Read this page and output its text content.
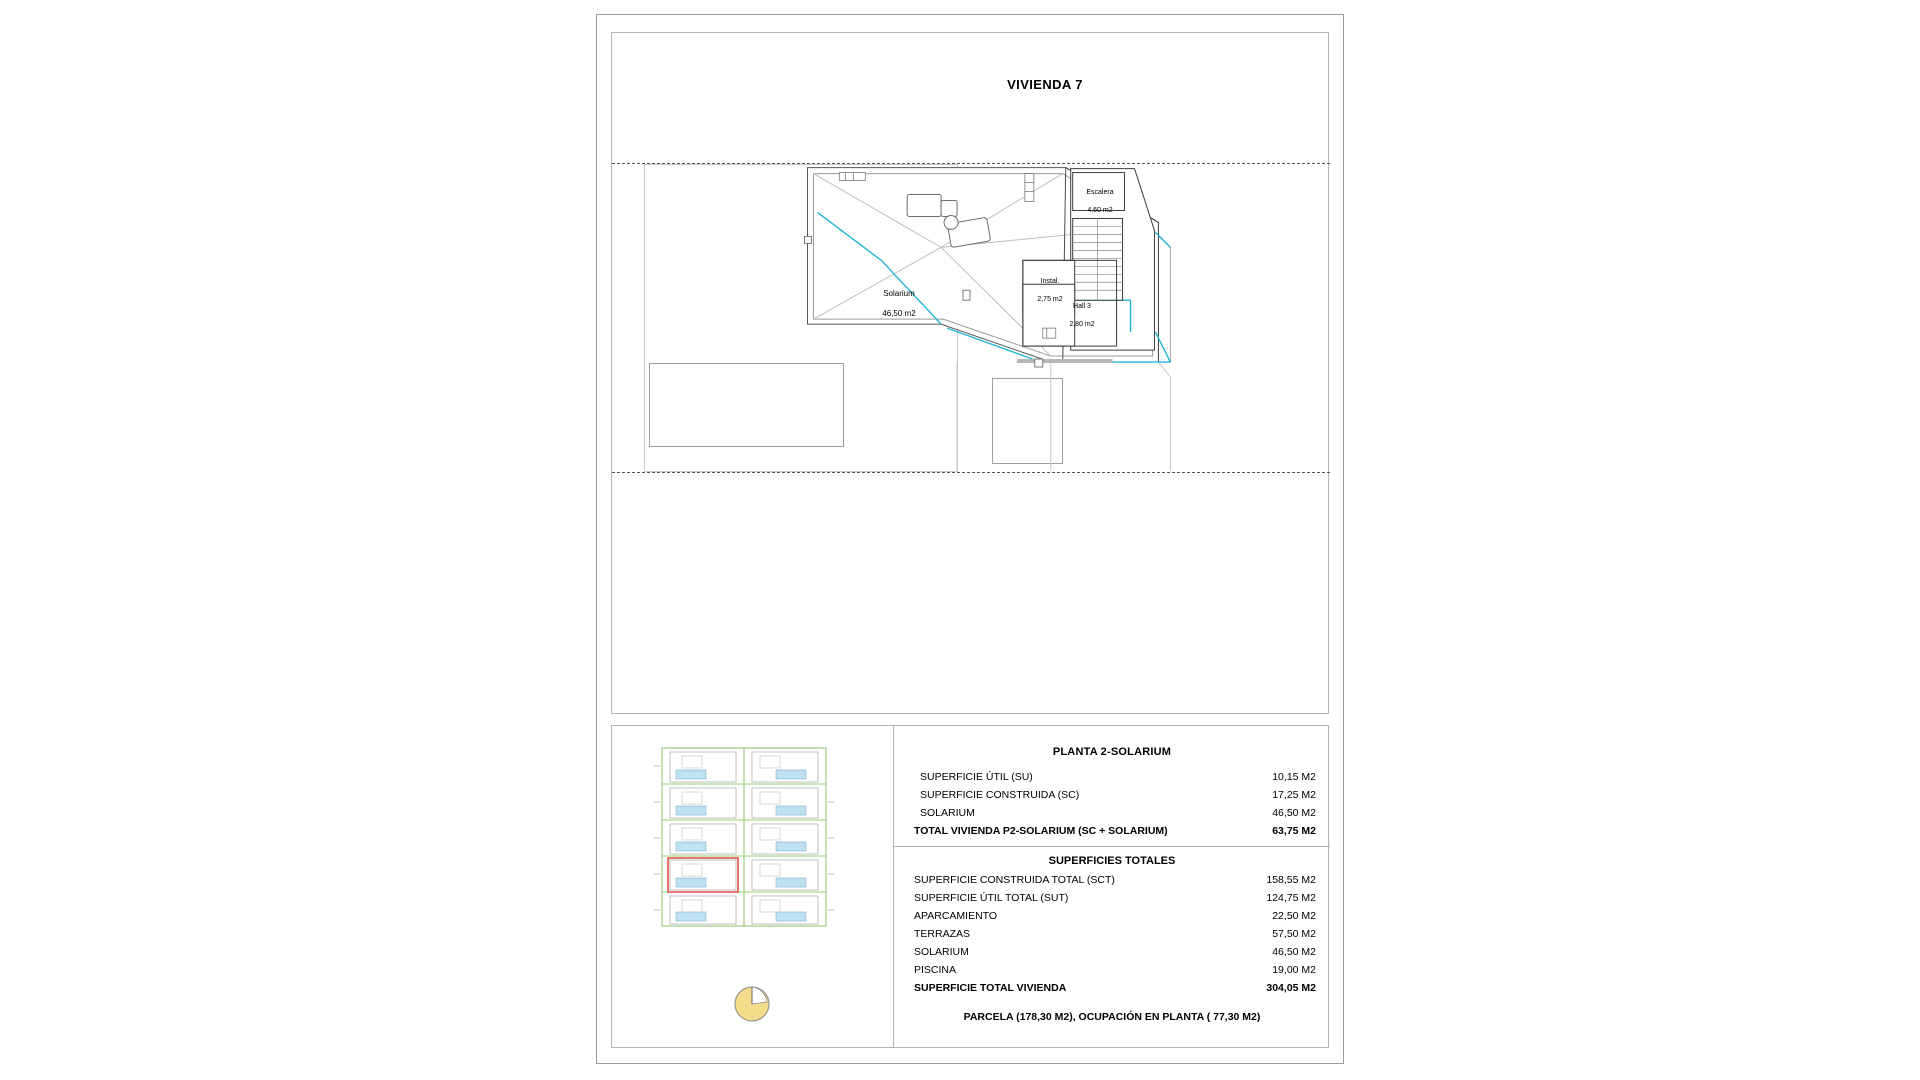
VIVIENDA 7

Solarium

46,50 m2

Escalera

4,60 m2

Instal.

2,75 m2

Hall 3

2,80 m2

PLANTA 2-SOLARIUM
SUPERFICIE ÚTIL (SU)	10,15 M2
SUPERFICIE CONSTRUIDA (SC)	17,25 M2
SOLARIUM	46,50 M2
TOTAL VIVIENDA P2-SOLARIUM (SC + SOLARIUM)	63,75 M2
SUPERFICIES TOTALES
SUPERFICIE CONSTRUIDA TOTAL (SCT)	158,55 M2
SUPERFICIE ÚTIL TOTAL (SUT)	124,75 M2
APARCAMIENTO	22,50 M2
TERRAZAS	57,50 M2
SOLARIUM	46,50 M2
PISCINA	19,00 M2
SUPERFICIE TOTAL VIVIENDA	304,05 M2
PARCELA (178,30 M2), OCUPACIÓN EN PLANTA ( 77,30 M2)
